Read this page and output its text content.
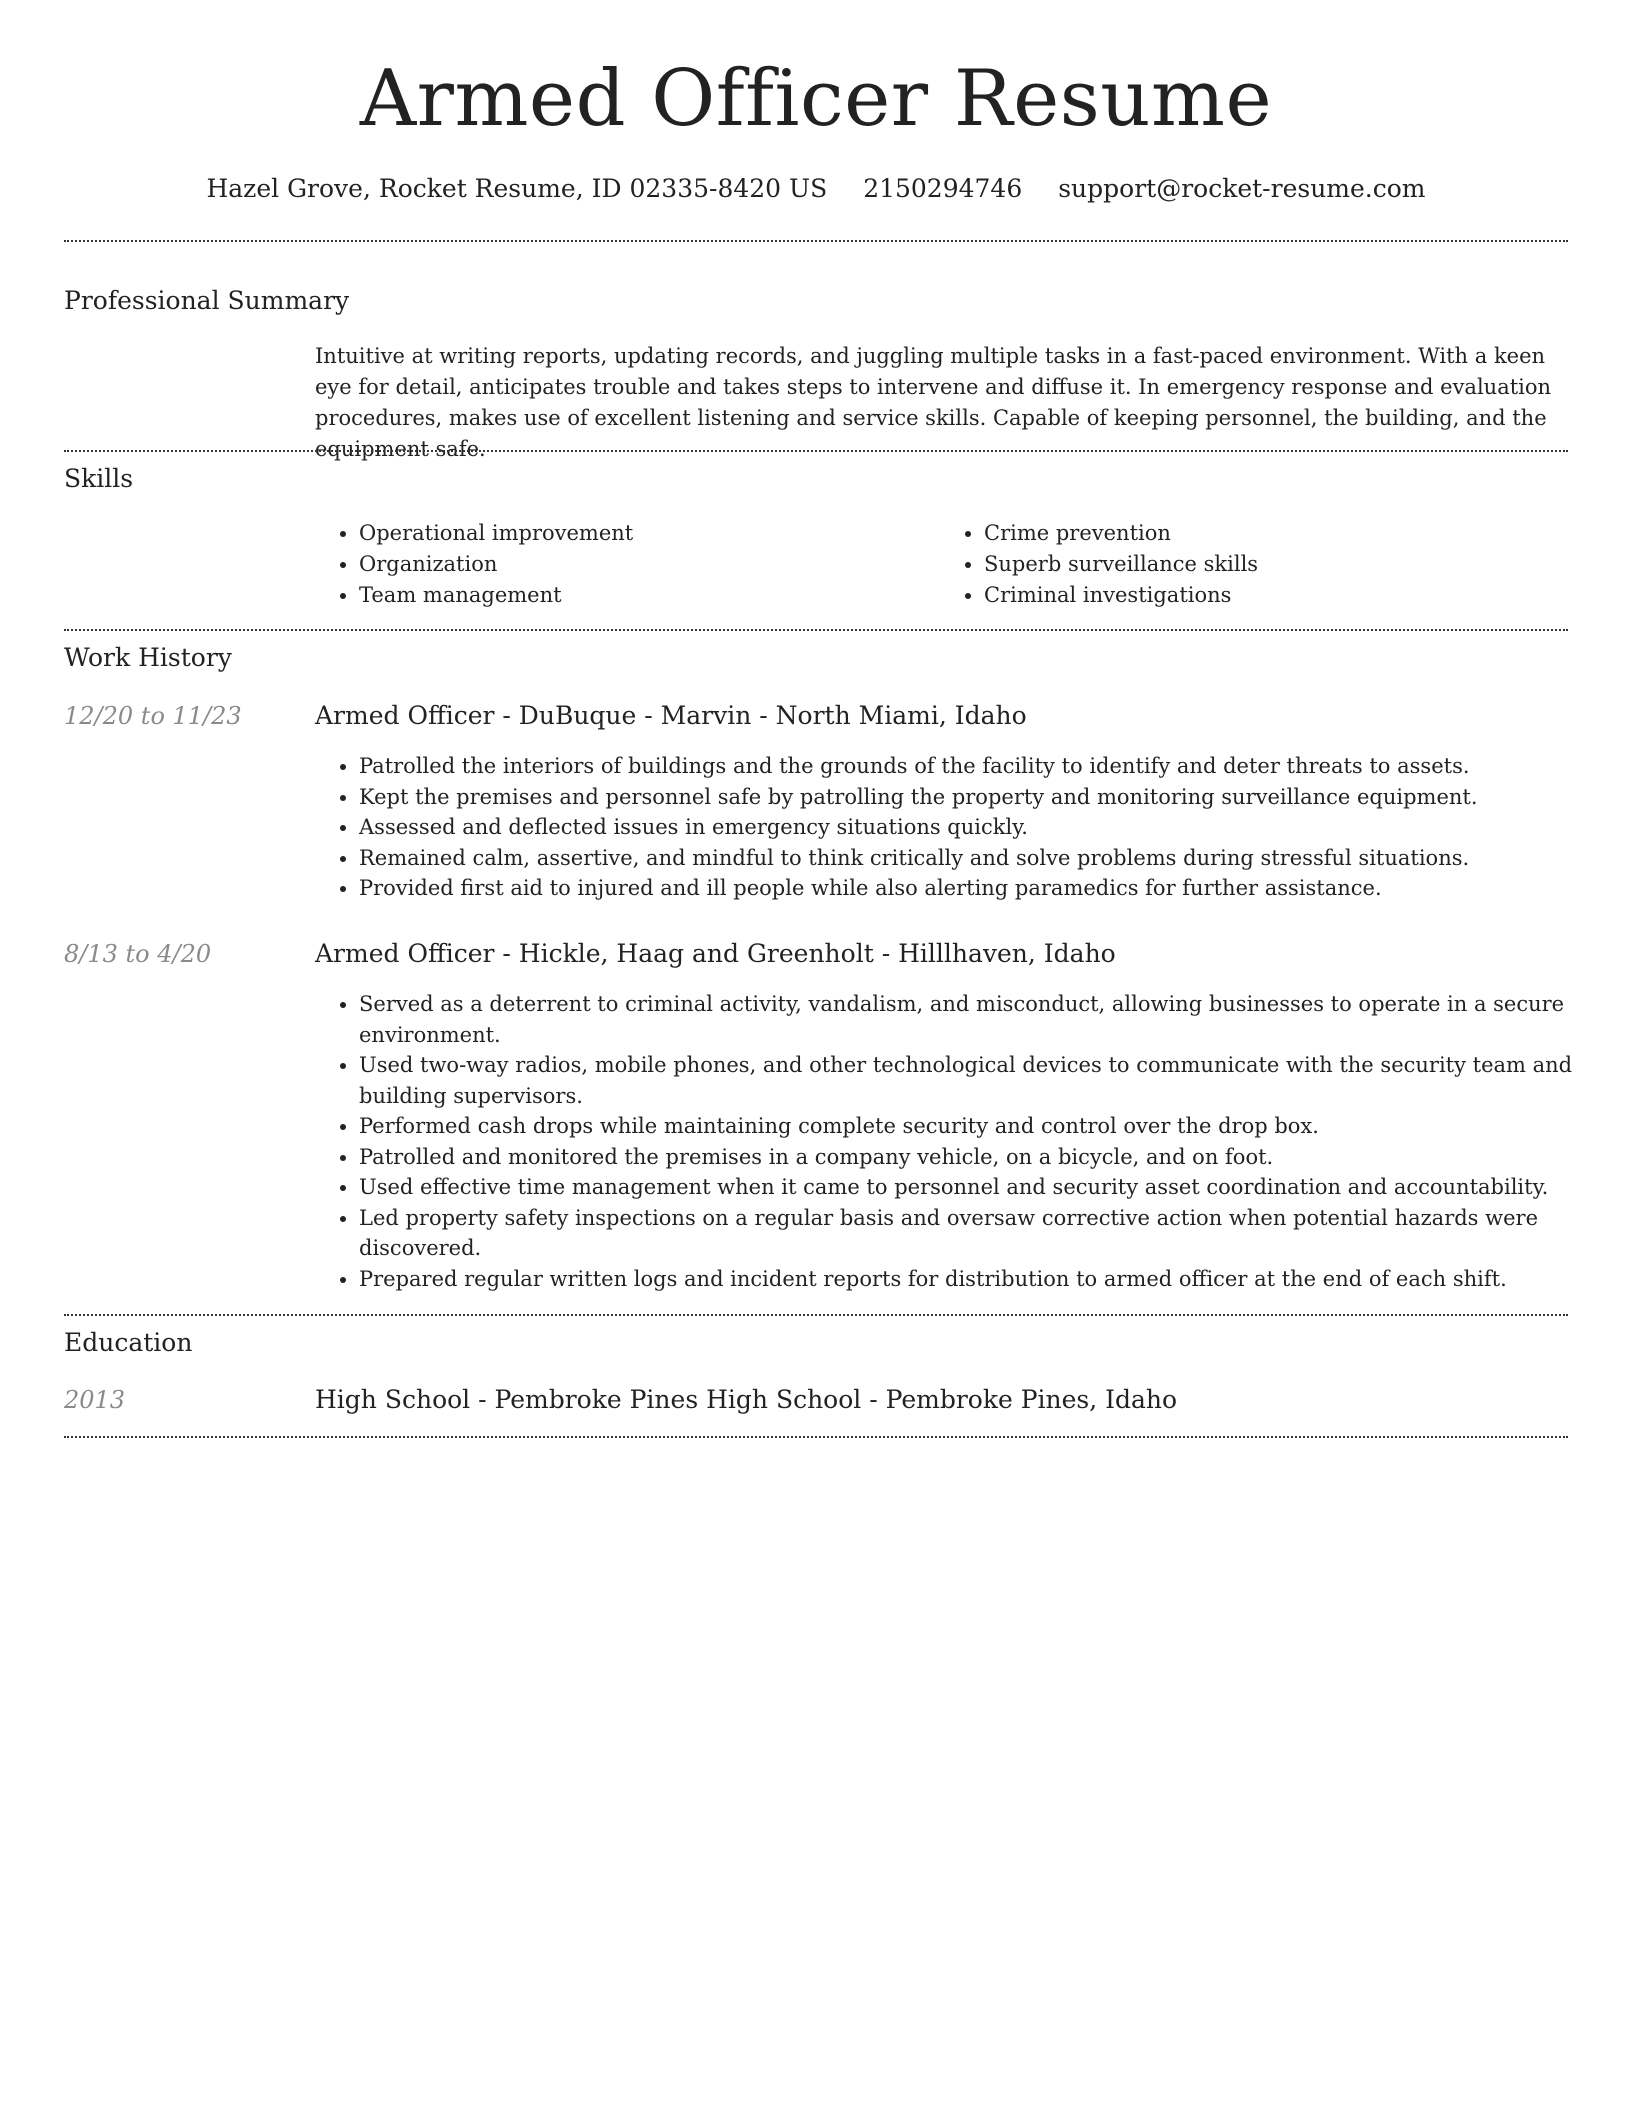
Armed Officer Resume
Hazel Grove, Rocket Resume, ID 02335-8420 US 2150294746 support@rocket-resume.com
Professional Summary

Intuitive at writing reports, updating records, and juggling multiple tasks in a fast-paced environment. With a keen eye for detail, anticipates trouble and takes steps to intervene and diffuse it. In emergency response and evaluation procedures, makes use of excellent listening and service skills. Capable of keeping personnel, the building, and the equipment safe.

Skills
• Operational improvement
• Organization
• Team management
• Crime prevention
• Superb surveillance skills
• Criminal investigations
Work History
12/20 to 11/23	Armed Officer - DuBuque - Marvin - North Miami, Idaho
• Patrolled the interiors of buildings and the grounds of the facility to identify and deter threats to assets.
• Kept the premises and personnel safe by patrolling the property and monitoring surveillance equipment.
• Assessed and deflected issues in emergency situations quickly.
• Remained calm, assertive, and mindful to think critically and solve problems during stressful situations.
• Provided first aid to injured and ill people while also alerting paramedics for further assistance.
8/13 to 4/20	Armed Officer - Hickle, Haag and Greenholt - Hilllhaven, Idaho
• Served as a deterrent to criminal activity, vandalism, and misconduct, allowing businesses to operate in a secure environment.
• Used two-way radios, mobile phones, and other technological devices to communicate with the security team and building supervisors.
• Performed cash drops while maintaining complete security and control over the drop box.
• Patrolled and monitored the premises in a company vehicle, on a bicycle, and on foot.
• Used effective time management when it came to personnel and security asset coordination and accountability.
• Led property safety inspections on a regular basis and oversaw corrective action when potential hazards were discovered.
• Prepared regular written logs and incident reports for distribution to armed officer at the end of each shift.
Education
2013	High School - Pembroke Pines High School - Pembroke Pines, Idaho
